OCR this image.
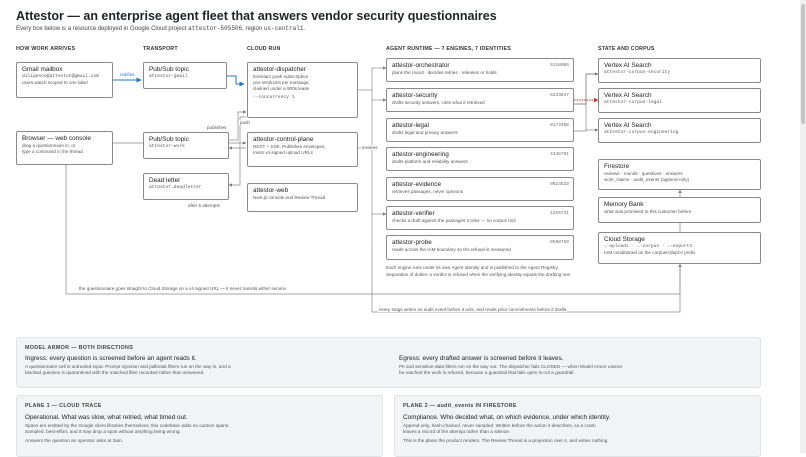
Attestor — an enterprise agent fleet that answers vendor security questionnaires
Every box below is a resource deployed in Google Cloud project attestor-505506, region us-central1.
HOW WORK ARRIVES	TRANSPORT	CLOUD RUN	AGENT RUNTIME — 7 ENGINES, 7 IDENTITIES	STATE AND CORPUS
Gmail mailbox
diligence@attestor@gmail.com
users.watch scoped to one label
Browser — web console
drag a questionnaire in, or
type a command in the thread
Pub/Sub topic
attestor-gmail
Pub/Sub topic
attestor-work
Dead letter
attestor.deadletter
after 5 attempts
attestor-dispatcher
Eventarc push subscription
one WorkUnit per message,
claimed under a 900s lease
--concurrency 1
attestor-control-plane
REST + SSE. Publishes envelopes,
mints v4 signed upload URLs
attestor-web
Next.js console and Review Thread
notifies
publishes
push
invokes
attestor-orchestrator
plans the round · decides retries · releases or holds
5116065
attestor-security
drafts security answers, cites what it retrieved
6333637
attestor-legal
drafts legal and privacy answers
8173350
attestor-engineering
drafts platform and reliability answers
4346791
attestor-evidence
retrieves passages, never opinions
9024533
attestor-verifier
checks a draft against the passages it cites — no corpus tool
1255721
attestor-probe
reads across the IAM boundary so the refusal is measured
8598759
Each engine runs under its own Agent Identity and is published to the Agent Registry.
Separation of duties: a verdict is refused when the verifying identity equals the drafting one.
Vertex AI Search
attestor-corpus-security
Vertex AI Search
attestor-corpus-legal
Vertex AI Search
attestor-corpus-engineering
Firestore
reviews · rounds · questions · answers
work_claims · audit_events (append-only)
Memory Bank
what was promised to this customer before
Cloud Storage
…-uploads · …-corpus · …-exports
IAM conditioned on the corpus/<dept>/ prefix
the questionnaire goes straight to Cloud Storage on a v4 signed URL — it never transits either service
every stage writes an audit event before it acts, and reads prior commitments before it drafts
MODEL ARMOR — BOTH DIRECTIONS
Ingress: every question is screened before an agent reads it.
A questionnaire cell is untrusted input. Prompt injection and jailbreak filters run on the way in, and a
blocked question is quarantined with the matched filter recorded rather than answered.
Egress: every drafted answer is screened before it leaves.
PII and sensitive-data filters run on the way out. The dispatcher fails CLOSED — when Model Armor cannot
be reached the work is refused, because a guardrail that fails open is not a guardrail.
PLANE 1 — CLOUD TRACE
Operational. What was slow, what retried, what timed out.
Spans are emitted by the Google client libraries themselves; this codebase adds no custom spans.
Sampled, best-effort, and it may drop a span without anything being wrong.
Answers the question an operator asks at 3am.
PLANE 2 — audit_events IN FIRESTORE
Compliance. Who decided what, on which evidence, under which identity.
Append-only, hash-chained, never sampled. Written before the action it describes, so a crash
leaves a record of the attempt rather than a silence.
This is the plane the product renders. The Review Thread is a projection over it, and writes nothing.
